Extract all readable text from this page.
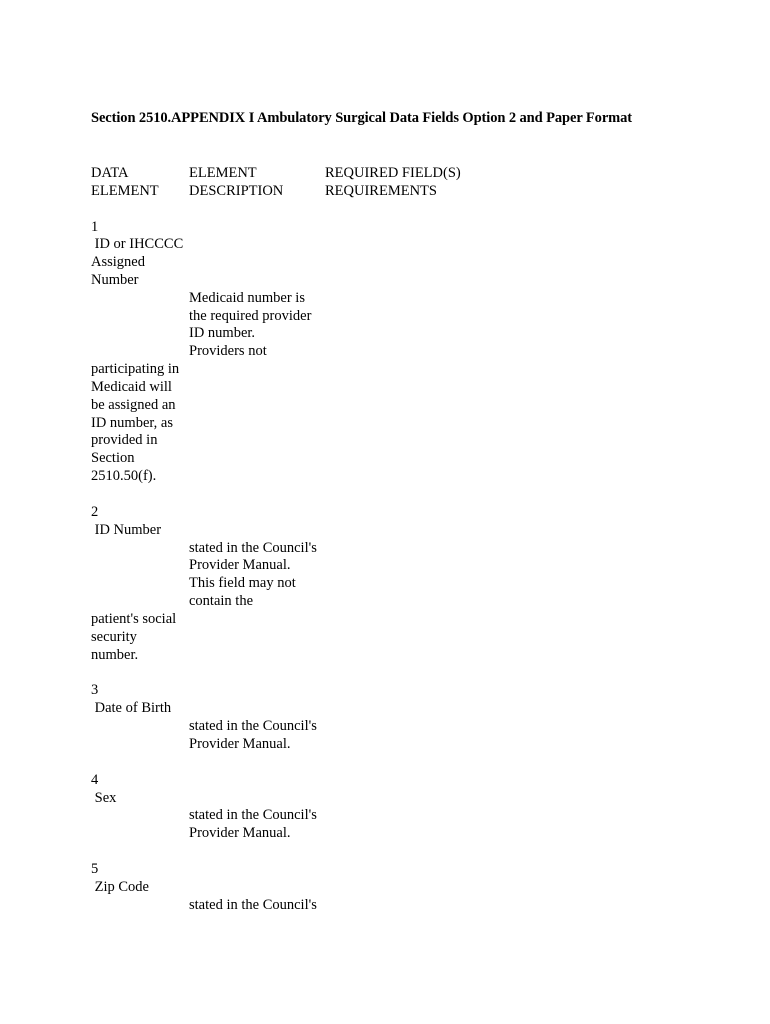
Section 2510.APPENDIX I Ambulatory Surgical Data Fields Option 2 and Paper Format
DATA
ELEMENT
ELEMENT
DESCRIPTION
REQUIRED FIELD(S)
REQUIREMENTS
1
ID or IHCCCC
Assigned
Number
Medicaid number is
the required provider
ID number.
Providers not
participating in
Medicaid will
be assigned an
ID number, as
provided in
Section
2510.50(f).
2
ID Number
stated in the Council's
Provider Manual.
This field may not
contain the
patient's social
security
number.
3
Date of Birth
stated in the Council's
Provider Manual.
4
Sex
stated in the Council's
Provider Manual.
5
Zip Code
stated in the Council's
